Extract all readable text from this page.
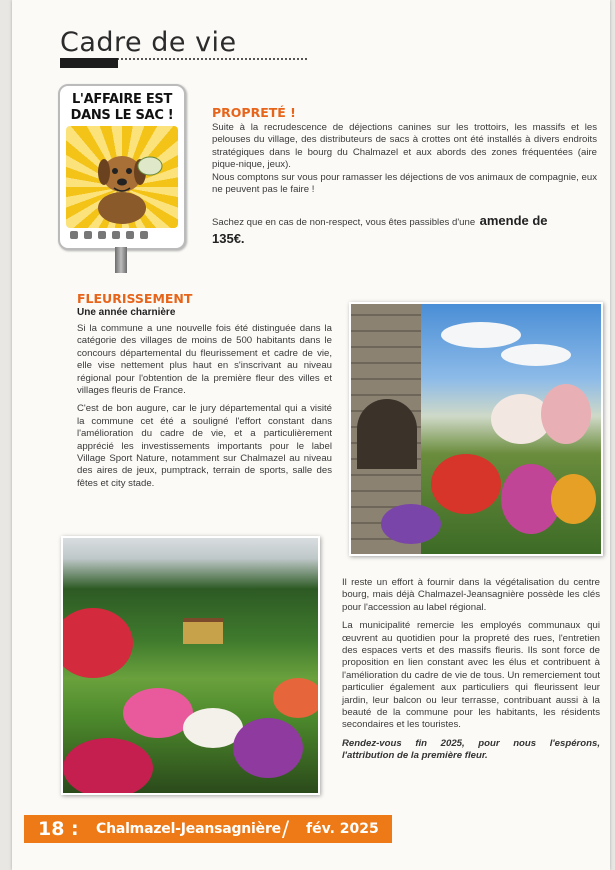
Cadre de vie
L'AFFAIRE EST
DANS LE SAC !	PROPRETÉ !

Suite à la recrudescence de déjections canines sur les trottoirs, les massifs et les pelouses du village, des distributeurs de sacs à crottes ont été installés à divers endroits stratégiques dans le bourg du Chalmazel et aux abords des zones fréquentées (aire pique-nique, jeux).

Nous comptons sur vous pour ramasser les déjections de vos animaux de compagnie, eux ne peuvent pas le faire !

Sachez que en cas de non-respect, vous êtes passibles d'une amende de
135€.
FLEURISSEMENT
Une année charnière

Si la commune a une nouvelle fois été distinguée dans la catégorie des villages de moins de 500 habitants dans le concours départemental du fleurissement et cadre de vie, elle vise nettement plus haut en s'inscrivant au niveau régional pour l'obtention de la première fleur des villes et villages fleuris de France.

C'est de bon augure, car le jury départemental qui a visité la commune cet été a souligné l'effort constant dans l'amélioration du cadre de vie, et a particulièrement apprécié les investissements importants pour le label Village Sport Nature, notamment sur Chalmazel au niveau des aires de jeux, pumptrack, terrain de sports, salle des fêtes et city stade.

Il reste un effort à fournir dans la végétalisation du centre bourg, mais déjà Chalmazel-Jeansagnière possède les clés pour l'accession au label régional.

La municipalité remercie les employés communaux qui œuvrent au quotidien pour la propreté des rues, l'entretien des espaces verts et des massifs fleuris. Ils sont force de proposition en lien constant avec les élus et contribuent à l'amélioration du cadre de vie de tous. Un remerciement tout particulier également aux particuliers qui fleurissent leur jardin, leur balcon ou leur terrasse, contribuant aussi à la beauté de la commune pour les habitants, les résidents secondaires et les touristes.

Rendez-vous fin 2025, pour nous l'espérons, l'attribution de la première fleur.

18 : Chalmazel-Jeansagnière / fév. 2025
